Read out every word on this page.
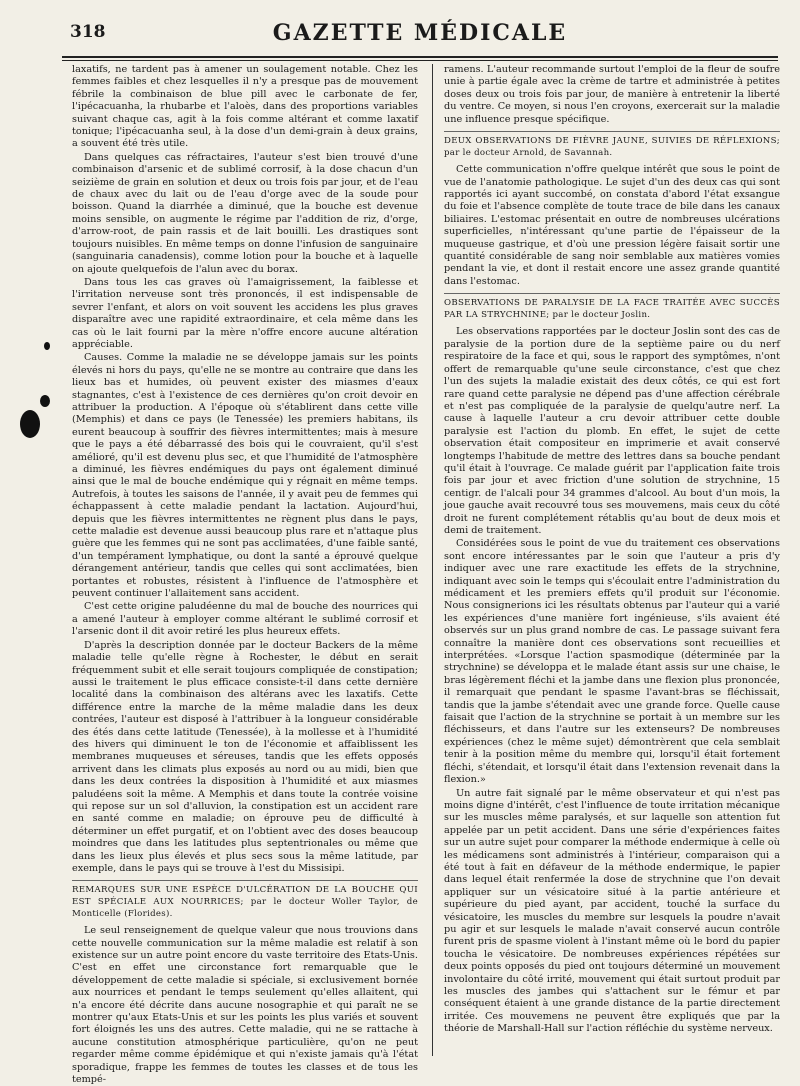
318	GAZETTE MÉDICALE

laxatifs, ne tardent pas à amener un soulagement notable. Chez les femmes faibles et chez lesquelles il n'y a presque pas de mouvement fébrile la combinaison de blue pill avec le carbonate de fer, l'ipécacuanha, la rhubarbe et l'aloès, dans des proportions variables suivant chaque cas, agit à la fois comme altérant et comme laxatif tonique; l'ipécacuanha seul, à la dose d'un demi-grain à deux grains, a souvent été très utile.

Dans quelques cas réfractaires, l'auteur s'est bien trouvé d'une combinaison d'arsenic et de sublimé corrosif, à la dose chacun d'un seizième de grain en solution et deux ou trois fois par jour, et de l'eau de chaux avec du lait ou de l'eau d'orge avec de la soude pour boisson. Quand la diarrhée a diminué, que la bouche est devenue moins sensible, on augmente le régime par l'addition de riz, d'orge, d'arrow-root, de pain rassis et de lait bouilli. Les drastiques sont toujours nuisibles. En même temps on donne l'infusion de sanguinaire (sanguinaria canadensis), comme lotion pour la bouche et à laquelle on ajoute quelquefois de l'alun avec du borax.

Dans tous les cas graves où l'amaigrissement, la faiblesse et l'irritation nerveuse sont très prononcés, il est indispensable de sevrer l'enfant, et alors on voit souvent les accidens les plus graves disparaître avec une rapidité extraordinaire, et cela même dans les cas où le lait fourni par la mère n'offre encore aucune altération appréciable.

Causes. Comme la maladie ne se développe jamais sur les points élevés ni hors du pays, qu'elle ne se montre au contraire que dans les lieux bas et humides, où peuvent exister des miasmes d'eaux stagnantes, c'est à l'existence de ces dernières qu'on croit devoir en attribuer la production. A l'époque où s'établirent dans cette ville (Memphis) et dans ce pays (le Tenessée) les premiers habitans, ils eurent beaucoup à souffrir des fièvres intermittentes; mais à mesure que le pays a été débarrassé des bois qui le couvraient, qu'il s'est amélioré, qu'il est devenu plus sec, et que l'humidité de l'atmosphère a diminué, les fièvres endémiques du pays ont également diminué ainsi que le mal de bouche endémique qui y régnait en même temps. Autrefois, à toutes les saisons de l'année, il y avait peu de femmes qui échappassent à cette maladie pendant la lactation. Aujourd'hui, depuis que les fièvres intermittentes ne règnent plus dans le pays, cette maladie est devenue aussi beaucoup plus rare et n'attaque plus guère que les femmes qui ne sont pas acclimatées, d'une faible santé, d'un tempérament lymphatique, ou dont la santé a éprouvé quelque dérangement antérieur, tandis que celles qui sont acclimatées, bien portantes et robustes, résistent à l'influence de l'atmosphère et peuvent continuer l'allaitement sans accident.

C'est cette origine paludéenne du mal de bouche des nourrices qui a amené l'auteur à employer comme altérant le sublimé corrosif et l'arsenic dont il dit avoir retiré les plus heureux effets.

D'après la description donnée par le docteur Backers de la même maladie telle qu'elle règne à Rochester, le début en serait fréquemment subit et elle serait toujours compliquée de constipation; aussi le traitement le plus efficace consiste-t-il dans cette dernière localité dans la combinaison des altérans avec les laxatifs. Cette différence entre la marche de la même maladie dans les deux contrées, l'auteur est disposé à l'attribuer à la longueur considérable des étés dans cette latitude (Tenessée), à la mollesse et à l'humidité des hivers qui diminuent le ton de l'économie et affaiblissent les membranes muqueuses et séreuses, tandis que les effets opposés arrivent dans les climats plus exposés au nord ou au midi, bien que dans les deux contrées la disposition à l'humidité et aux miasmes paludéens soit la même. A Memphis et dans toute la contrée voisine qui repose sur un sol d'alluvion, la constipation est un accident rare en santé comme en maladie; on éprouve peu de difficulté à déterminer un effet purgatif, et on l'obtient avec des doses beaucoup moindres que dans les latitudes plus septentrionales ou même que dans les lieux plus élevés et plus secs sous la même latitude, par exemple, dans le pays qui se trouve à l'est du Missisipi.

REMARQUES SUR UNE ESPÈCE D'ULCÉRATION DE LA BOUCHE QUI EST SPÉCIALE AUX NOURRICES; par le docteur Woller Taylor, de Monticelle (Florides).

Le seul renseignement de quelque valeur que nous trouvions dans cette nouvelle communication sur la même maladie est relatif à son existence sur un autre point encore du vaste territoire des Etats-Unis. C'est en effet une circonstance fort remarquable que le développement de cette maladie si spéciale, si exclusivement bornée aux nourrices et pendant le temps seulement qu'elles allaitent, qui n'a encore été décrite dans aucune nosographie et qui paraît ne se montrer qu'aux Etats-Unis et sur les points les plus variés et souvent fort éloignés les uns des autres. Cette maladie, qui ne se rattache à aucune constitution atmosphérique particulière, qu'on ne peut regarder même comme épidémique et qui n'existe jamais qu'à l'état sporadique, frappe les femmes de toutes les classes et de tous les tempé-

ramens. L'auteur recommande surtout l'emploi de la fleur de soufre unie à partie égale avec la crème de tartre et administrée à petites doses deux ou trois fois par jour, de manière à entretenir la liberté du ventre. Ce moyen, si nous l'en croyons, exercerait sur la maladie une influence presque spécifique.

DEUX OBSERVATIONS DE FIÈVRE JAUNE, SUIVIES DE RÉFLEXIONS; par le docteur Arnold, de Savannah.

Cette communication n'offre quelque intérêt que sous le point de vue de l'anatomie pathologique. Le sujet d'un des deux cas qui sont rapportés ici ayant succombé, on constata d'abord l'état exsangue du foie et l'absence complète de toute trace de bile dans les canaux biliaires. L'estomac présentait en outre de nombreuses ulcérations superficielles, n'intéressant qu'une partie de l'épaisseur de la muqueuse gastrique, et d'où une pression légère faisait sortir une quantité considérable de sang noir semblable aux matières vomies pendant la vie, et dont il restait encore une assez grande quantité dans l'estomac.

OBSERVATIONS DE PARALYSIE DE LA FACE TRAITÉE AVEC SUCCÈS PAR LA STRYCHNINE; par le docteur Joslin.

Les observations rapportées par le docteur Joslin sont des cas de paralysie de la portion dure de la septième paire ou du nerf respiratoire de la face et qui, sous le rapport des symptômes, n'ont offert de remarquable qu'une seule circonstance, c'est que chez l'un des sujets la maladie existait des deux côtés, ce qui est fort rare quand cette paralysie ne dépend pas d'une affection cérébrale et n'est pas compliquée de la paralysie de quelqu'autre nerf. La cause à laquelle l'auteur a cru devoir attribuer cette double paralysie est l'action du plomb. En effet, le sujet de cette observation était compositeur en imprimerie et avait conservé longtemps l'habitude de mettre des lettres dans sa bouche pendant qu'il était à l'ouvrage. Ce malade guérit par l'application faite trois fois par jour et avec friction d'une solution de strychnine, 15 centigr. de l'alcali pour 34 grammes d'alcool. Au bout d'un mois, la joue gauche avait recouvré tous ses mouvemens, mais ceux du côté droit ne furent complétement rétablis qu'au bout de deux mois et demi de traitement.

Considérées sous le point de vue du traitement ces observations sont encore intéressantes par le soin que l'auteur a pris d'y indiquer avec une rare exactitude les effets de la strychnine, indiquant avec soin le temps qui s'écoulait entre l'administration du médicament et les premiers effets qu'il produit sur l'économie. Nous consignerions ici les résultats obtenus par l'auteur qui a varié les expériences d'une manière fort ingénieuse, s'ils avaient été observés sur un plus grand nombre de cas. Le passage suivant fera connaître la manière dont ces observations sont recueillies et interprétées. «Lorsque l'action spasmodique (déterminée par la strychnine) se développa et le malade étant assis sur une chaise, le bras légèrement fléchi et la jambe dans une flexion plus prononcée, il remarquait que pendant le spasme l'avant-bras se fléchissait, tandis que la jambe s'étendait avec une grande force. Quelle cause faisait que l'action de la strychnine se portait à un membre sur les fléchisseurs, et dans l'autre sur les extenseurs? De nombreuses expériences (chez le même sujet) démontrèrent que cela semblait tenir à la position même du membre qui, lorsqu'il était fortement fléchi, s'étendait, et lorsqu'il était dans l'extension revenait dans la flexion.»

Un autre fait signalé par le même observateur et qui n'est pas moins digne d'intérêt, c'est l'influence de toute irritation mécanique sur les muscles même paralysés, et sur laquelle son attention fut appelée par un petit accident. Dans une série d'expériences faites sur un autre sujet pour comparer la méthode endermique à celle où les médicamens sont administrés à l'intérieur, comparaison qui a été tout à fait en défaveur de la méthode endermique, le papier dans lequel était renfermée la dose de strychnine que l'on devait appliquer sur un vésicatoire situé à la partie antérieure et supérieure du pied ayant, par accident, touché la surface du vésicatoire, les muscles du membre sur lesquels la poudre n'avait pu agir et sur lesquels le malade n'avait conservé aucun contrôle furent pris de spasme violent à l'instant même où le bord du papier toucha le vésicatoire. De nombreuses expériences répétées sur deux points opposés du pied ont toujours déterminé un mouvement involontaire du côté irrité, mouvement qui était surtout produit par les muscles des jambes qui s'attachent sur le fémur et par conséquent étaient à une grande distance de la partie directement irritée. Ces mouvemens ne peuvent être expliqués que par la théorie de Marshall-Hall sur l'action réfléchie du système nerveux.
